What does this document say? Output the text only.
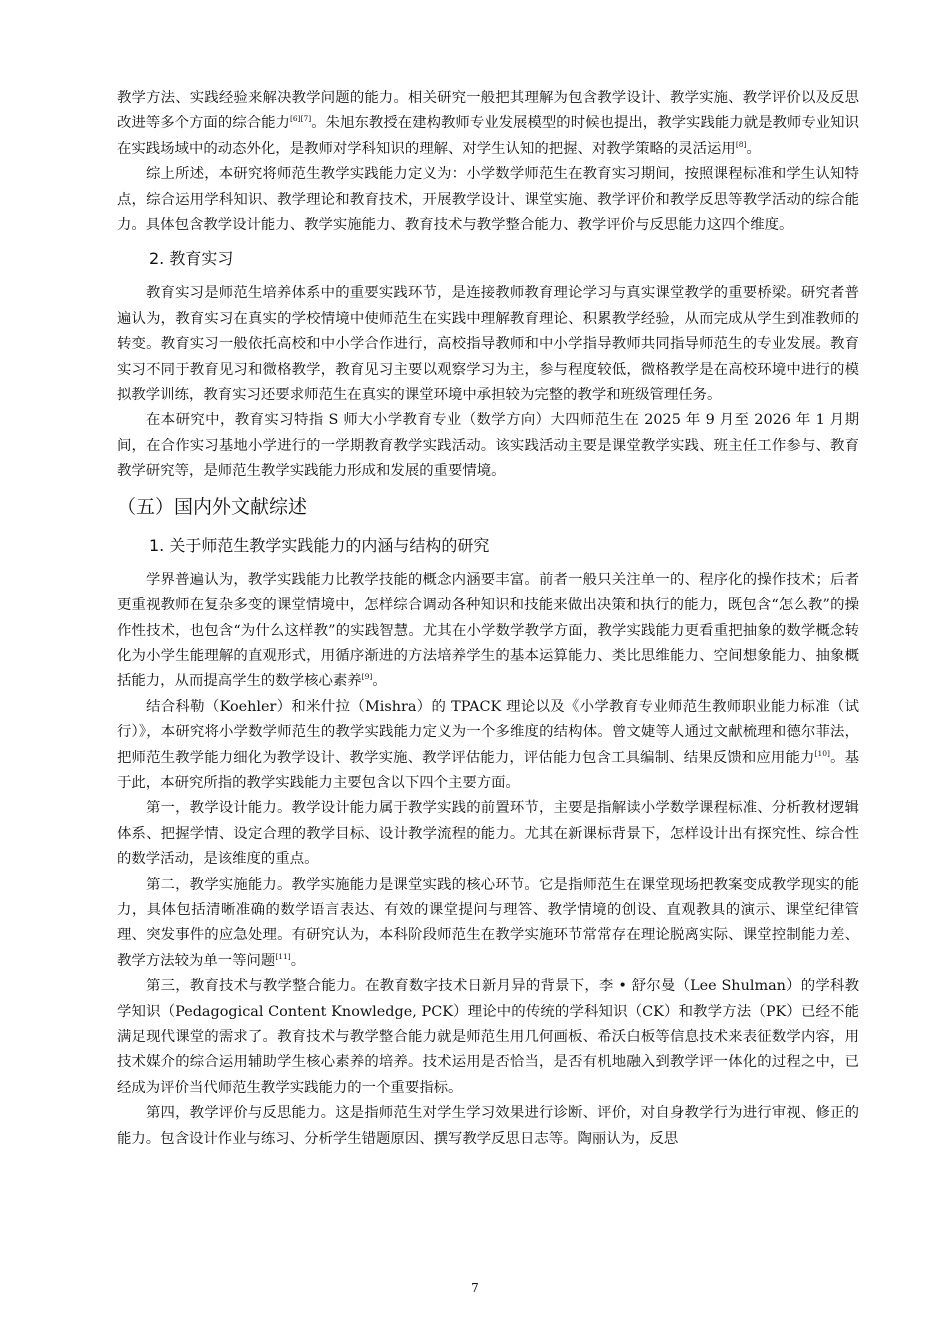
教学方法、实践经验来解决教学问题的能力。相关研究一般把其理解为包含教学设计、教学实施、教学评价以及反思改进等多个方面的综合能力[6][7]。朱旭东教授在建构教师专业发展模型的时候也提出，教学实践能力就是教师专业知识在实践场域中的动态外化，是教师对学科知识的理解、对学生认知的把握、对教学策略的灵活运用[8]。

综上所述，本研究将师范生教学实践能力定义为：小学数学师范生在教育实习期间，按照课程标准和学生认知特点，综合运用学科知识、教学理论和教育技术，开展教学设计、课堂实施、教学评价和教学反思等教学活动的综合能力。具体包含教学设计能力、教学实施能力、教育技术与教学整合能力、教学评价与反思能力这四个维度。

2. 教育实习

教育实习是师范生培养体系中的重要实践环节，是连接教师教育理论学习与真实课堂教学的重要桥梁。研究者普遍认为，教育实习在真实的学校情境中使师范生在实践中理解教育理论、积累教学经验，从而完成从学生到准教师的转变。教育实习一般依托高校和中小学合作进行，高校指导教师和中小学指导教师共同指导师范生的专业发展。教育实习不同于教育见习和微格教学，教育见习主要以观察学习为主，参与程度较低，微格教学是在高校环境中进行的模拟教学训练，教育实习还要求师范生在真实的课堂环境中承担较为完整的教学和班级管理任务。

在本研究中，教育实习特指 S 师大小学教育专业（数学方向）大四师范生在 2025 年 9 月至 2026 年 1 月期间，在合作实习基地小学进行的一学期教育教学实践活动。该实践活动主要是课堂教学实践、班主任工作参与、教育教学研究等，是师范生教学实践能力形成和发展的重要情境。

（五）国内外文献综述
1. 关于师范生教学实践能力的内涵与结构的研究

学界普遍认为，教学实践能力比教学技能的概念内涵要丰富。前者一般只关注单一的、程序化的操作技术；后者更重视教师在复杂多变的课堂情境中，怎样综合调动各种知识和技能来做出决策和执行的能力，既包含“怎么教”的操作性技术，也包含“为什么这样教”的实践智慧。尤其在小学数学教学方面，教学实践能力更看重把抽象的数学概念转化为小学生能理解的直观形式，用循序渐进的方法培养学生的基本运算能力、类比思维能力、空间想象能力、抽象概括能力，从而提高学生的数学核心素养[9]。

结合科勒（Koehler）和米什拉（Mishra）的 TPACK 理论以及《小学教育专业师范生教师职业能力标准（试行）》，本研究将小学数学师范生的教学实践能力定义为一个多维度的结构体。曾文婕等人通过文献梳理和德尔菲法，把师范生教学能力细化为教学设计、教学实施、教学评估能力，评估能力包含工具编制、结果反馈和应用能力[10]。基于此，本研究所指的教学实践能力主要包含以下四个主要方面。

第一，教学设计能力。教学设计能力属于教学实践的前置环节，主要是指解读小学数学课程标准、分析教材逻辑体系、把握学情、设定合理的教学目标、设计教学流程的能力。尤其在新课标背景下，怎样设计出有探究性、综合性的数学活动，是该维度的重点。

第二，教学实施能力。教学实施能力是课堂实践的核心环节。它是指师范生在课堂现场把教案变成教学现实的能力，具体包括清晰准确的数学语言表达、有效的课堂提问与理答、教学情境的创设、直观教具的演示、课堂纪律管理、突发事件的应急处理。有研究认为，本科阶段师范生在教学实施环节常常存在理论脱离实际、课堂控制能力差、教学方法较为单一等问题[11]。

第三，教育技术与教学整合能力。在教育数字技术日新月异的背景下，李 • 舒尔曼（Lee Shulman）的学科教学知识（Pedagogical Content Knowledge, PCK）理论中的传统的学科知识（CK）和教学方法（PK）已经不能满足现代课堂的需求了。教育技术与教学整合能力就是师范生用几何画板、希沃白板等信息技术来表征数学内容，用技术媒介的综合运用辅助学生核心素养的培养。技术运用是否恰当，是否有机地融入到教学评一体化的过程之中，已经成为评价当代师范生教学实践能力的一个重要指标。

第四，教学评价与反思能力。这是指师范生对学生学习效果进行诊断、评价，对自身教学行为进行审视、修正的能力。包含设计作业与练习、分析学生错题原因、撰写教学反思日志等。陶丽认为，反思

7
